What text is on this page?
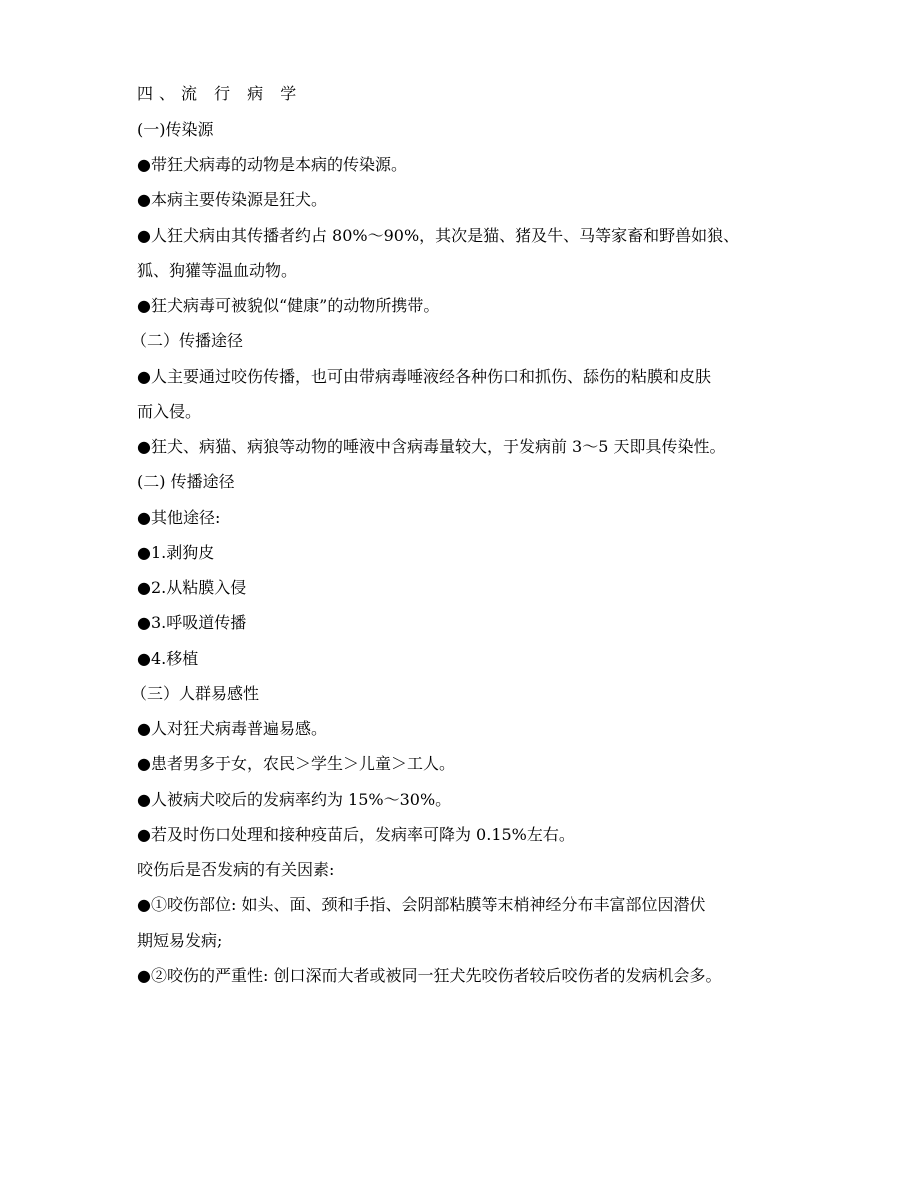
四、流 行 病 学
(一)传染源
●带狂犬病毒的动物是本病的传染源。
●本病主要传染源是狂犬。
●人狂犬病由其传播者约占 80%～90%，其次是猫、猪及牛、马等家畜和野兽如狼、
狐、狗獾等温血动物。
●狂犬病毒可被貌似“健康”的动物所携带。
（二）传播途径
●人主要通过咬伤传播，也可由带病毒唾液经各种伤口和抓伤、舔伤的粘膜和皮肤
而入侵。
●狂犬、病猫、病狼等动物的唾液中含病毒量较大，于发病前 3～5 天即具传染性。
(二) 传播途径
●其他途径:
●1.剥狗皮
●2.从粘膜入侵
●3.呼吸道传播
●4.移植
（三）人群易感性
●人对狂犬病毒普遍易感。
●患者男多于女，农民＞学生＞儿童＞工人。
●人被病犬咬后的发病率约为 15%～30%。
●若及时伤口处理和接种疫苗后，发病率可降为 0.15%左右。
咬伤后是否发病的有关因素:
●①咬伤部位: 如头、面、颈和手指、会阴部粘膜等末梢神经分布丰富部位因潜伏
期短易发病;
●②咬伤的严重性: 创口深而大者或被同一狂犬先咬伤者较后咬伤者的发病机会多。
